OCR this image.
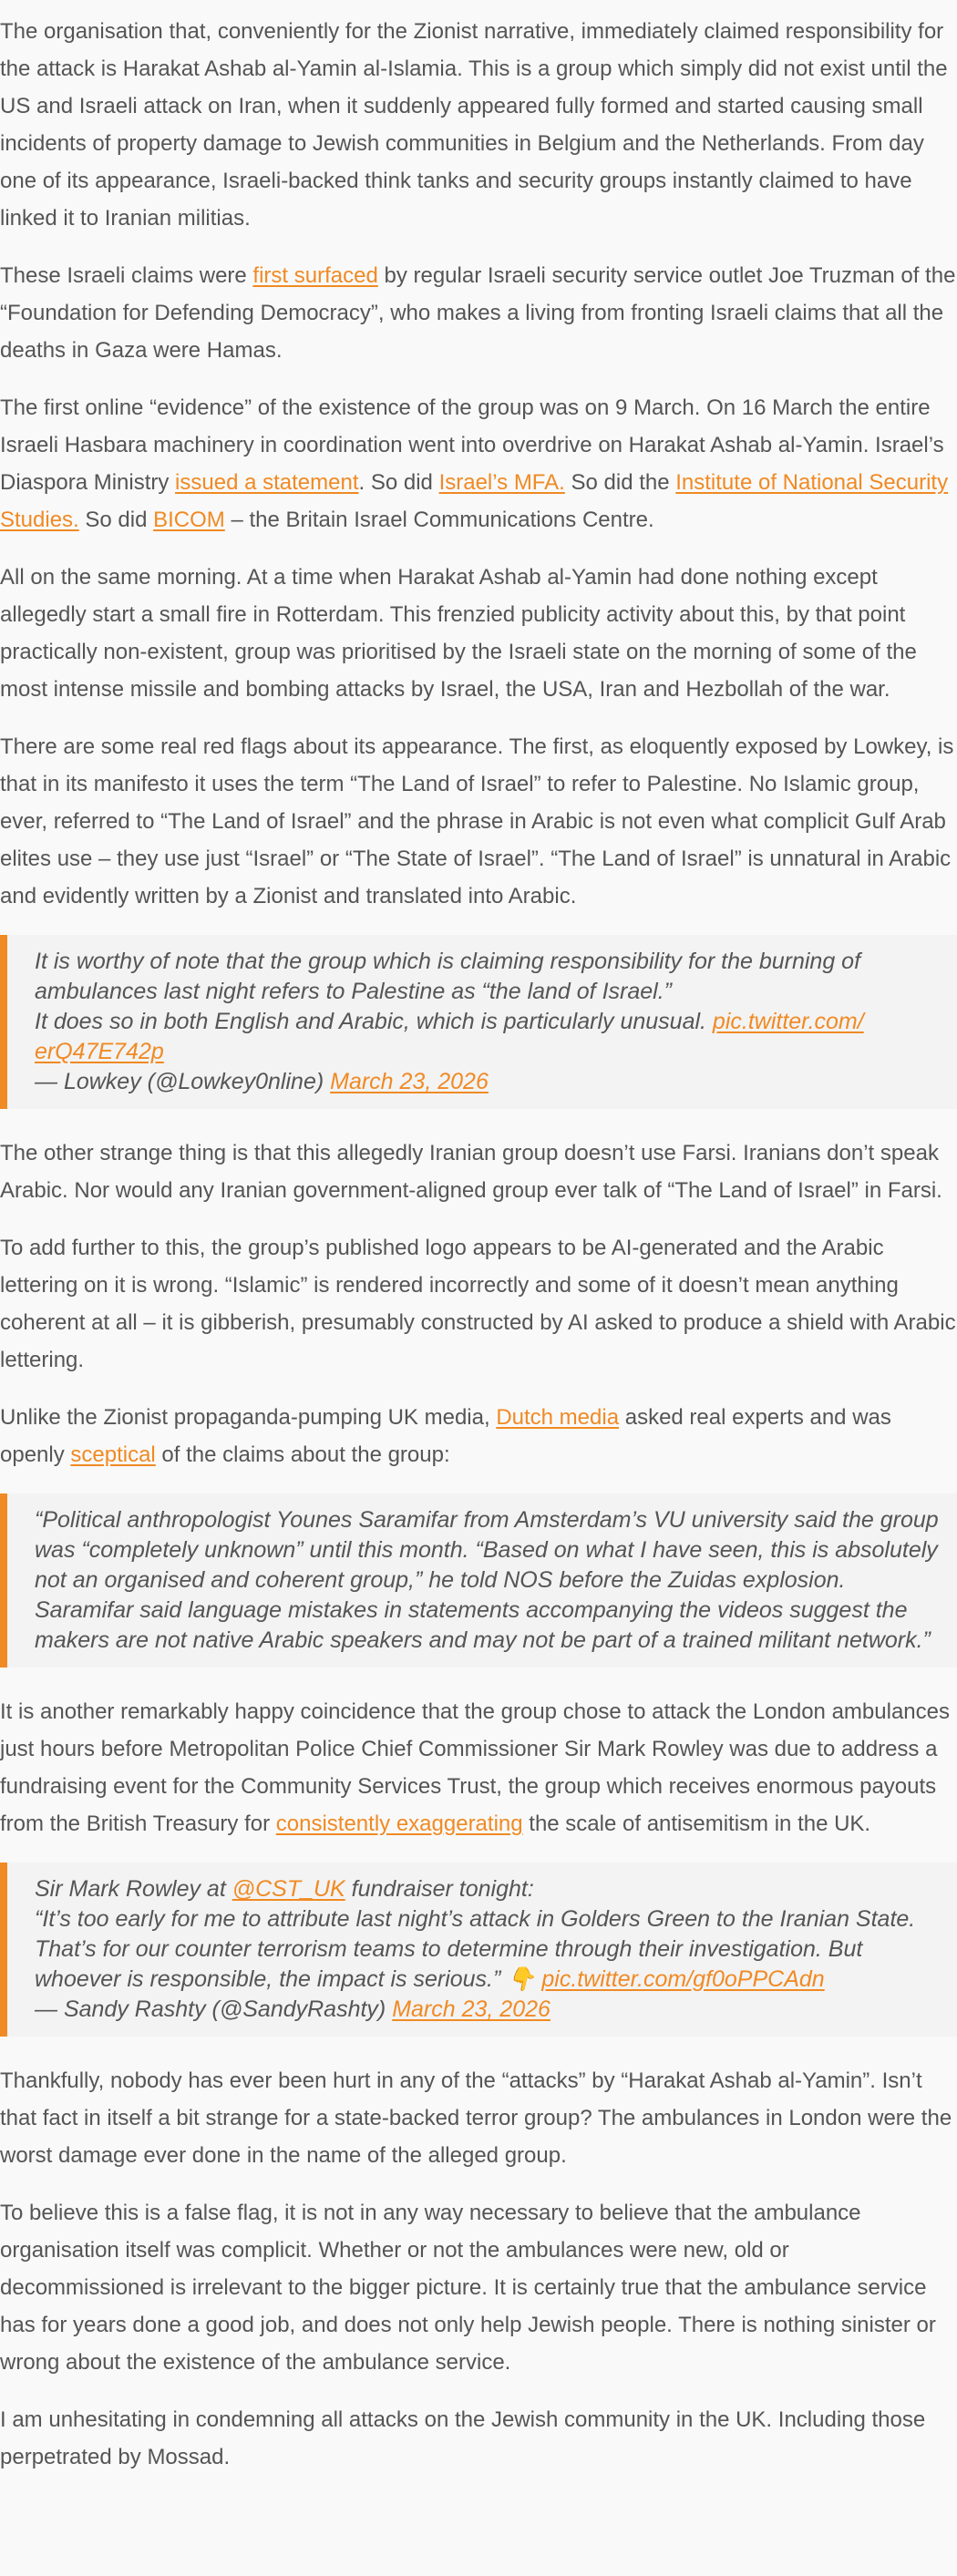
The organisation that, conveniently for the Zionist narrative, immediately claimed responsibility for the attack is Harakat Ashab al-Yamin al-Islamia. This is a group which simply did not exist until the US and Israeli attack on Iran, when it suddenly appeared fully formed and started causing small incidents of property damage to Jewish communities in Belgium and the Netherlands. From day one of its appearance, Israeli-backed think tanks and security groups instantly claimed to have linked it to Iranian militias.

These Israeli claims were first surfaced by regular Israeli security service outlet Joe Truzman of the “Foundation for Defending Democracy”, who makes a living from fronting Israeli claims that all the deaths in Gaza were Hamas.

The first online “evidence” of the existence of the group was on 9 March. On 16 March the entire Israeli Hasbara machinery in coordination went into overdrive on Harakat Ashab al-Yamin. Israel’s Diaspora Ministry issued a statement. So did Israel’s MFA. So did the Institute of National Security Studies. So did BICOM – the Britain Israel Communications Centre.

All on the same morning. At a time when Harakat Ashab al-Yamin had done nothing except allegedly start a small fire in Rotterdam. This frenzied publicity activity about this, by that point practically non-existent, group was prioritised by the Israeli state on the morning of some of the most intense missile and bombing attacks by Israel, the USA, Iran and Hezbollah of the war.

There are some real red flags about its appearance. The first, as eloquently exposed by Lowkey, is that in its manifesto it uses the term “The Land of Israel” to refer to Palestine. No Islamic group, ever, referred to “The Land of Israel” and the phrase in Arabic is not even what complicit Gulf Arab elites use – they use just “Israel” or “The State of Israel”. “The Land of Israel” is unnatural in Arabic and evidently written by a Zionist and translated into Arabic.

It is worthy of note that the group which is claiming responsibility for the burning of ambulances last night refers to Palestine as “the land of Israel.”
It does so in both English and Arabic, which is particularly unusual. pic.twitter.com/​erQ47E742p
— Lowkey (@Lowkey0nline) March 23, 2026

The other strange thing is that this allegedly Iranian group doesn’t use Farsi. Iranians don’t speak Arabic. Nor would any Iranian government-aligned group ever talk of “The Land of Israel” in Farsi.

To add further to this, the group’s published logo appears to be AI-generated and the Arabic lettering on it is wrong. “Islamic” is rendered incorrectly and some of it doesn’t mean anything coherent at all – it is gibberish, presumably constructed by AI asked to produce a shield with Arabic lettering.

Unlike the Zionist propaganda-pumping UK media, Dutch media asked real experts and was openly sceptical of the claims about the group:

“Political anthropologist Younes Saramifar from Amsterdam’s VU university said the group was “completely unknown” until this month. “Based on what I have seen, this is absolutely not an organised and coherent group,” he told NOS before the Zuidas explosion.
Saramifar said language mistakes in statements accompanying the videos suggest the makers are not native Arabic speakers and may not be part of a trained militant network.”

It is another remarkably happy coincidence that the group chose to attack the London ambulances just hours before Metropolitan Police Chief Commissioner Sir Mark Rowley was due to address a fundraising event for the Community Services Trust, the group which receives enormous payouts from the British Treasury for consistently exaggerating the scale of antisemitism in the UK.

Sir Mark Rowley at @CST_UK fundraiser tonight:
“It’s too early for me to attribute last night’s attack in Golders Green to the Iranian State. That’s for our counter terrorism teams to determine through their investigation. But whoever is responsible, the impact is serious.” 👇 pic.twitter.com/gf0oPPCAdn
— Sandy Rashty (@SandyRashty) March 23, 2026

Thankfully, nobody has ever been hurt in any of the “attacks” by “Harakat Ashab al-Yamin”. Isn’t that fact in itself a bit strange for a state-backed terror group? The ambulances in London were the worst damage ever done in the name of the alleged group.

To believe this is a false flag, it is not in any way necessary to believe that the ambulance organisation itself was complicit. Whether or not the ambulances were new, old or decommissioned is irrelevant to the bigger picture. It is certainly true that the ambulance service has for years done a good job, and does not only help Jewish people. There is nothing sinister or wrong about the existence of the ambulance service.

I am unhesitating in condemning all attacks on the Jewish community in the UK. Including those perpetrated by Mossad.
